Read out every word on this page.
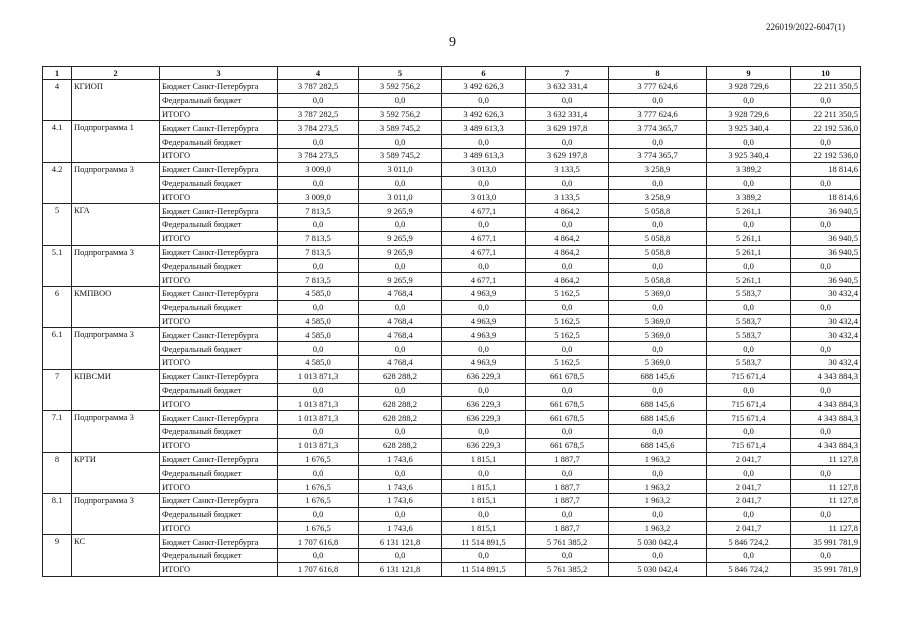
226019/2022-6047(1)
9
1	2	3	4	5	6	7	8	9	10
4	КГИОП	Бюджет Санкт-Петербурга	3 787 282,5	3 592 756,2	3 492 626,3	3 632 331,4	3 777 624,6	3 928 729,6	22 211 350,5
		Федеральный бюджет	0,0	0,0	0,0	0,0	0,0	0,0	0,0
		ИТОГО	3 787 282,5	3 592 756,2	3 492 626,3	3 632 331,4	3 777 624,6	3 928 729,6	22 211 350,5
4.1	Подпрограмма 1	Бюджет Санкт-Петербурга	3 784 273,5	3 589 745,2	3 489 613,3	3 629 197,8	3 774 365,7	3 925 340,4	22 192 536,0
		Федеральный бюджет	0,0	0,0	0,0	0,0	0,0	0,0	0,0
		ИТОГО	3 784 273,5	3 589 745,2	3 489 613,3	3 629 197,8	3 774 365,7	3 925 340,4	22 192 536,0
4.2	Подпрограмма 3	Бюджет Санкт-Петербурга	3 009,0	3 011,0	3 013,0	3 133,5	3 258,9	3 389,2	18 814,6
		Федеральный бюджет	0,0	0,0	0,0	0,0	0,0	0,0	0,0
		ИТОГО	3 009,0	3 011,0	3 013,0	3 133,5	3 258,9	3 389,2	18 814,6
5	КГА	Бюджет Санкт-Петербурга	7 813,5	9 265,9	4 677,1	4 864,2	5 058,8	5 261,1	36 940,5
		Федеральный бюджет	0,0	0,0	0,0	0,0	0,0	0,0	0,0
		ИТОГО	7 813,5	9 265,9	4 677,1	4 864,2	5 058,8	5 261,1	36 940,5
5.1	Подпрограмма 3	Бюджет Санкт-Петербурга	7 813,5	9 265,9	4 677,1	4 864,2	5 058,8	5 261,1	36 940,5
		Федеральный бюджет	0,0	0,0	0,0	0,0	0,0	0,0	0,0
		ИТОГО	7 813,5	9 265,9	4 677,1	4 864,2	5 058,8	5 261,1	36 940,5
6	КМПВОО	Бюджет Санкт-Петербурга	4 585,0	4 768,4	4 963,9	5 162,5	5 369,0	5 583,7	30 432,4
		Федеральный бюджет	0,0	0,0	0,0	0,0	0,0	0,0	0,0
		ИТОГО	4 585,0	4 768,4	4 963,9	5 162,5	5 369,0	5 583,7	30 432,4
6.1	Подпрограмма 3	Бюджет Санкт-Петербурга	4 585,0	4 768,4	4 963,9	5 162,5	5 369,0	5 583,7	30 432,4
		Федеральный бюджет	0,0	0,0	0,0	0,0	0,0	0,0	0,0
		ИТОГО	4 585,0	4 768,4	4 963,9	5 162,5	5 369,0	5 583,7	30 432,4
7	КПВСМИ	Бюджет Санкт-Петербурга	1 013 871,3	628 288,2	636 229,3	661 678,5	688 145,6	715 671,4	4 343 884,3
		Федеральный бюджет	0,0	0,0	0,0	0,0	0,0	0,0	0,0
		ИТОГО	1 013 871,3	628 288,2	636 229,3	661 678,5	688 145,6	715 671,4	4 343 884,3
7.1	Подпрограмма 3	Бюджет Санкт-Петербурга	1 013 871,3	628 288,2	636 229,3	661 678,5	688 145,6	715 671,4	4 343 884,3
		Федеральный бюджет	0,0	0,0	0,0	0,0	0,0	0,0	0,0
		ИТОГО	1 013 871,3	628 288,2	636 229,3	661 678,5	688 145,6	715 671,4	4 343 884,3
8	КРТИ	Бюджет Санкт-Петербурга	1 676,5	1 743,6	1 815,1	1 887,7	1 963,2	2 041,7	11 127,8
		Федеральный бюджет	0,0	0,0	0,0	0,0	0,0	0,0	0,0
		ИТОГО	1 676,5	1 743,6	1 815,1	1 887,7	1 963,2	2 041,7	11 127,8
8.1	Подпрограмма 3	Бюджет Санкт-Петербурга	1 676,5	1 743,6	1 815,1	1 887,7	1 963,2	2 041,7	11 127,8
		Федеральный бюджет	0,0	0,0	0,0	0,0	0,0	0,0	0,0
		ИТОГО	1 676,5	1 743,6	1 815,1	1 887,7	1 963,2	2 041,7	11 127,8
9	КС	Бюджет Санкт-Петербурга	1 707 616,8	6 131 121,8	11 514 891,5	5 761 385,2	5 030 042,4	5 846 724,2	35 991 781,9
		Федеральный бюджет	0,0	0,0	0,0	0,0	0,0	0,0	0,0
		ИТОГО	1 707 616,8	6 131 121,8	11 514 891,5	5 761 385,2	5 030 042,4	5 846 724,2	35 991 781,9
